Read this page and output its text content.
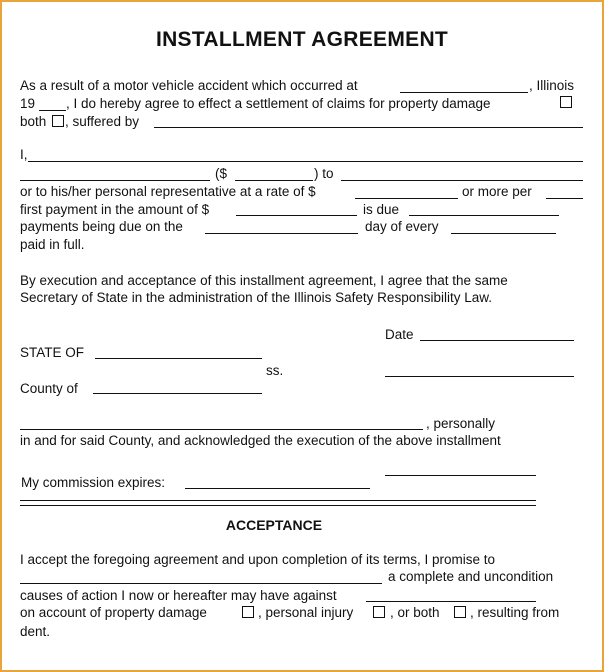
INSTALLMENT AGREEMENT
As a result of a motor vehicle accident which occurred at	, Illinois
19 , I do hereby agree to effect a settlement of claims for property damage
both , suffered by
I,
($	) to
or to his/her personal representative at a rate of $	or more per
first payment in the amount of $	is due
payments being due on the	day of every
paid in full.
By execution and acceptance of this installment agreement, I agree that the same
Secretary of State in the administration of the Illinois Safety Responsibility Law.
Date
STATE OF
ss.
County of
, personally
in and for said County, and acknowledged the execution of the above installment
My commission expires:
ACCEPTANCE
I accept the foregoing agreement and upon completion of its terms, I promise to
a complete and uncondition
causes of action I now or hereafter may have against
on account of property damage	, personal injury	, or both , resulting from
dent.
